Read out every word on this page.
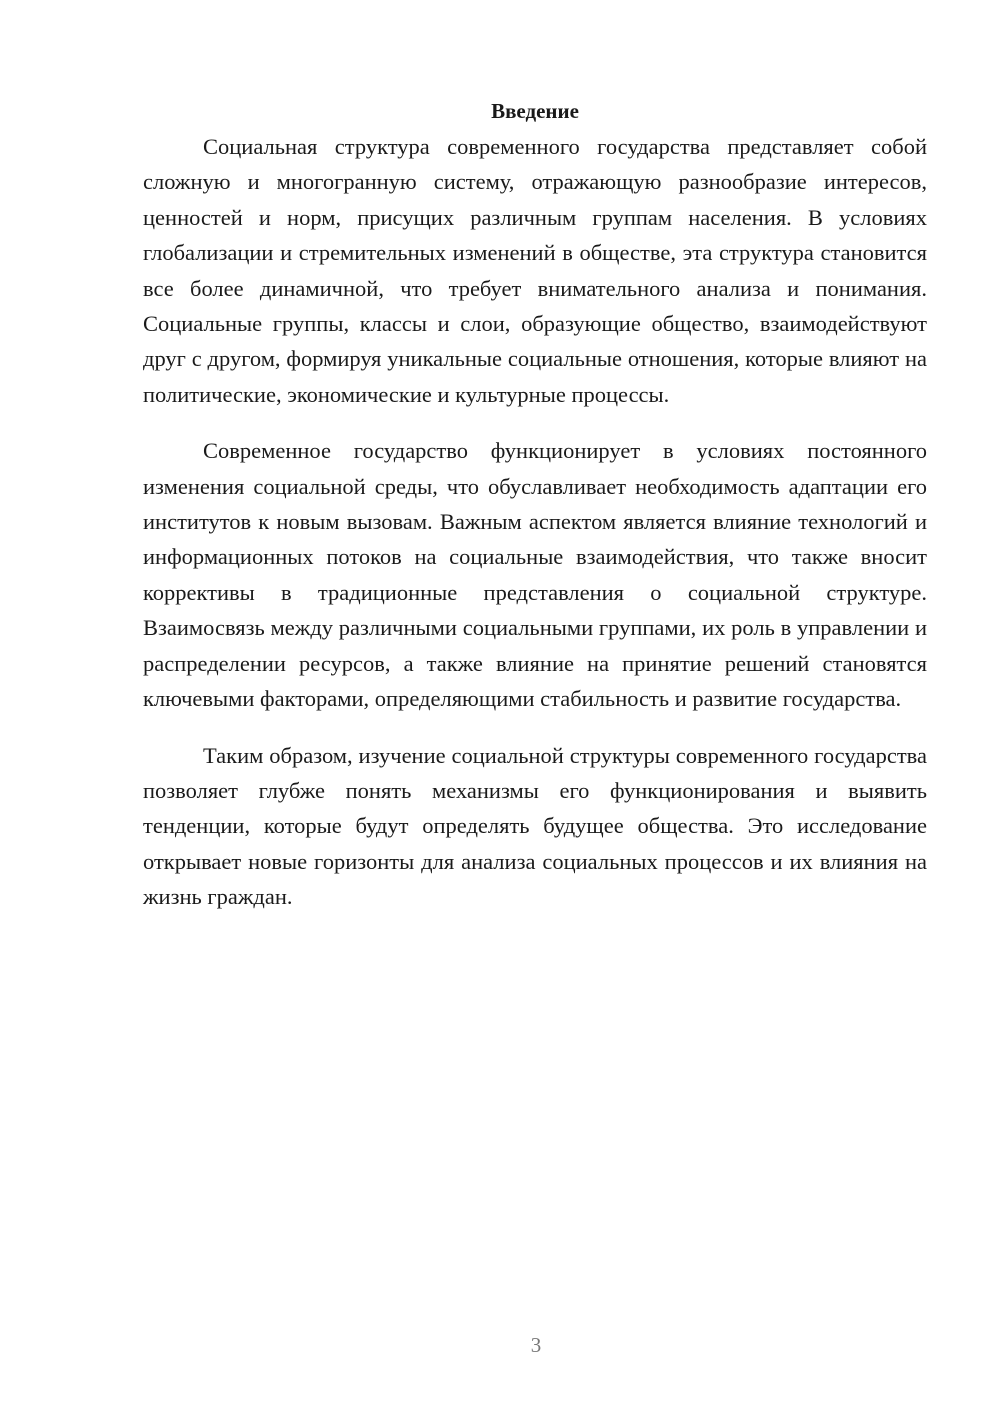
Введение

Социальная структура современного государства представляет собой сложную и многогранную систему, отражающую разнообразие интересов, ценностей и норм, присущих различным группам населения. В условиях глобализации и стремительных изменений в обществе, эта структура становится все более динамичной, что требует внимательного анализа и понимания. Социальные группы, классы и слои, образующие общество, взаимодействуют друг с другом, формируя уникальные социальные отношения, которые влияют на политические, экономические и культурные процессы.

Современное государство функционирует в условиях постоянного изменения социальной среды, что обуславливает необходимость адаптации его институтов к новым вызовам. Важным аспектом является влияние технологий и информационных потоков на социальные взаимодействия, что также вносит коррективы в традиционные представления о социальной структуре. Взаимосвязь между различными социальными группами, их роль в управлении и распределении ресурсов, а также влияние на принятие решений становятся ключевыми факторами, определяющими стабильность и развитие государства.

Таким образом, изучение социальной структуры современного государства позволяет глубже понять механизмы его функционирования и выявить тенденции, которые будут определять будущее общества. Это исследование открывает новые горизонты для анализа социальных процессов и их влияния на жизнь граждан.

3
